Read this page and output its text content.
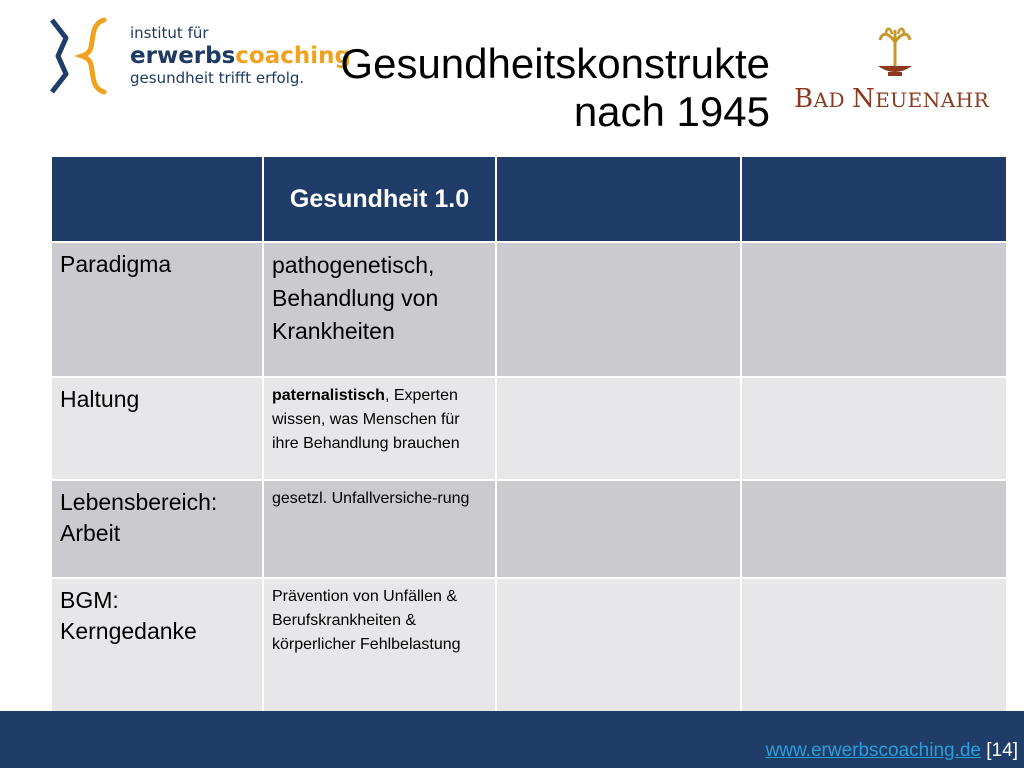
institut für
erwerbscoaching
gesundheit trifft erfolg. Gesundheitskonstrukte
nach 1945 BAD NEUENAHR
	Gesundheit 1.0		
Paradigma	pathogenetisch, Behandlung von Krankheiten		
Haltung	paternalistisch, Experten wissen, was Menschen für ihre Behandlung brauchen		
Lebensbereich: Arbeit	gesetzl. Unfallversiche-rung		
BGM: Kerngedanke	Prävention von Unfällen & Berufskrankheiten & körperlicher Fehlbelastung		
www.erwerbscoaching.de [14]
